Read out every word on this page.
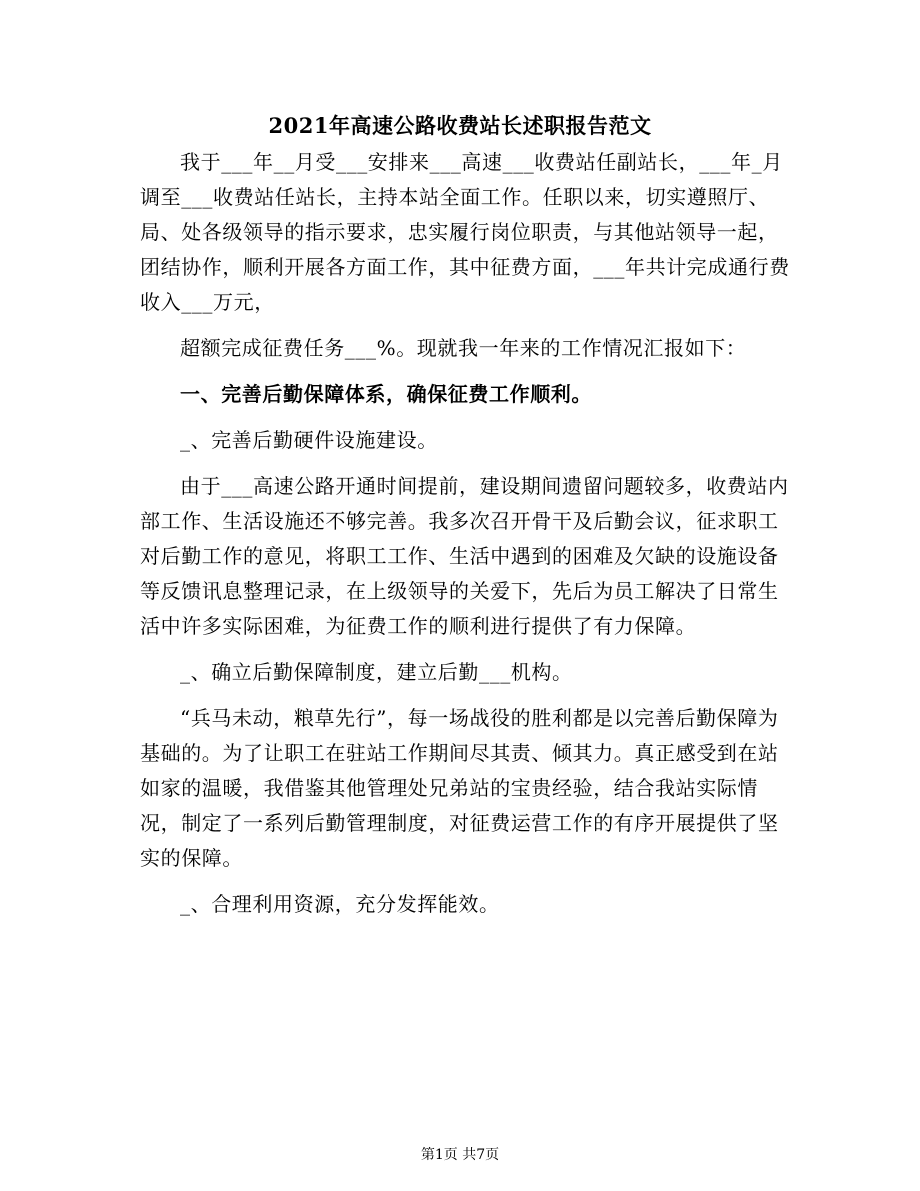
2021年高速公路收费站长述职报告范文

我于___年__月受___安排来___高速___收费站任副站长，___年_月调至___收费站任站长，主持本站全面工作。任职以来，切实遵照厅、局、处各级领导的指示要求，忠实履行岗位职责，与其他站领导一起，团结协作，顺利开展各方面工作，其中征费方面，___年共计完成通行费收入___万元，

超额完成征费任务___%。现就我一年来的工作情况汇报如下：

一、完善后勤保障体系，确保征费工作顺利。

_、完善后勤硬件设施建设。

由于___高速公路开通时间提前，建设期间遗留问题较多，收费站内部工作、生活设施还不够完善。我多次召开骨干及后勤会议，征求职工对后勤工作的意见，将职工工作、生活中遇到的困难及欠缺的设施设备等反馈讯息整理记录，在上级领导的关爱下，先后为员工解决了日常生活中许多实际困难，为征费工作的顺利进行提供了有力保障。

_、确立后勤保障制度，建立后勤___机构。

“兵马未动，粮草先行”，每一场战役的胜利都是以完善后勤保障为基础的。为了让职工在驻站工作期间尽其责、倾其力。真正感受到在站如家的温暖，我借鉴其他管理处兄弟站的宝贵经验，结合我站实际情况，制定了一系列后勤管理制度，对征费运营工作的有序开展提供了坚实的保障。

_、合理利用资源，充分发挥能效。

第1页 共7页
